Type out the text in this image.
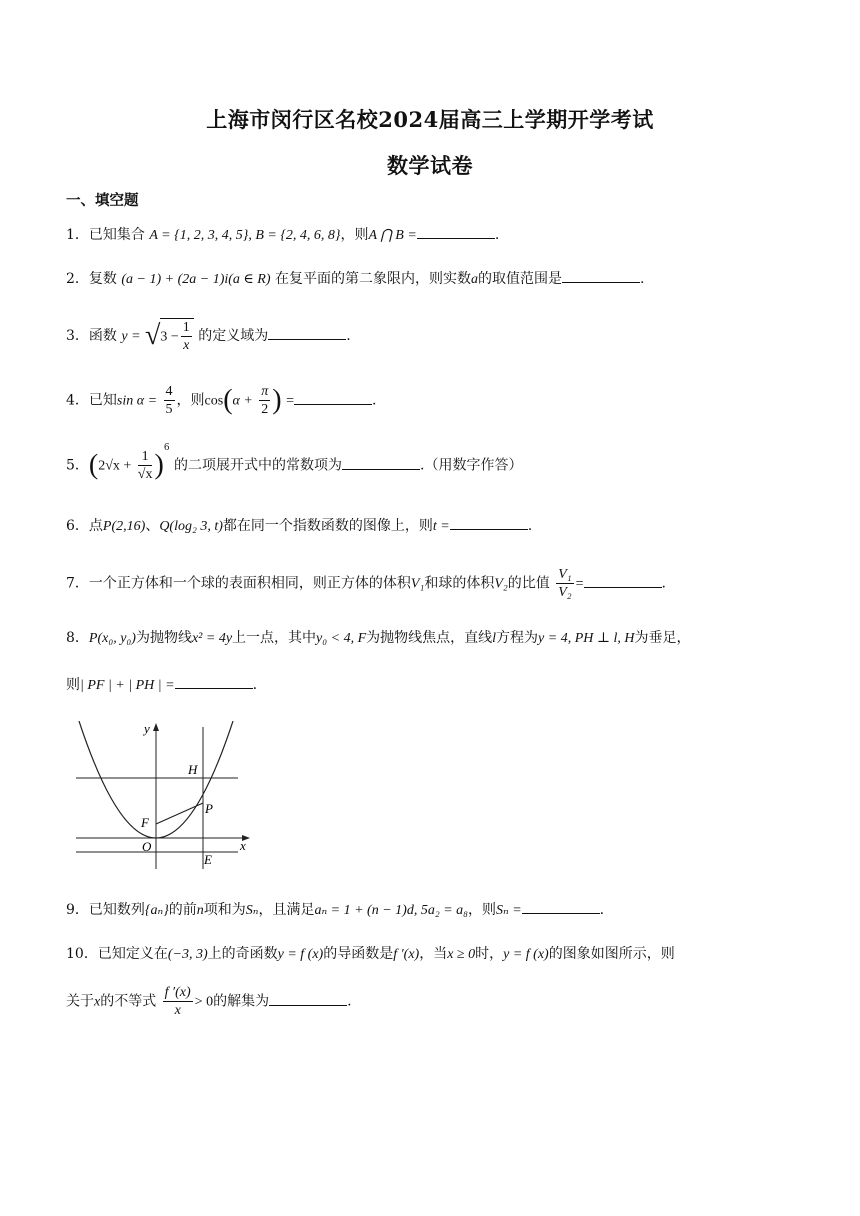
上海市闵行区名校2024届高三上学期开学考试
数学试卷
一、填空题
1．已知集合 A = {1, 2, 3, 4, 5}, B = {2, 4, 6, 8}，则A ⋂ B =	.
2．复数 (a − 1) + (2a − 1)i(a ∈ R) 在复平面的第二象限内，则实数a的取值范围是	.
3．函数 $y = √3 - \frac{1}{x}$ 的定义域为	.
4．已知$\sin \alpha = \frac{4}{5}$ ，则$\cos(\alpha + \frac{\pi}{2}$ ) =	.
5．$(2√x + \frac{1}{√x} )^6$ 的二项展开式中的常数项为	.（用数字作答）
6．点P(2,16)、Q(log₂ 3, t)都在同一个指数函数的图像上，则t =	.
7．一个正方体和一个球的表面积相同，则正方体的体积V₁和球的体积V₂的比值 $\frac{\text{V₁}}{\text{V₂}}$ =	.
8．P(x₀, y₀)为抛物线x² = 4y上一点，其中y₀ < 4, F为抛物线焦点，直线l方程为y = 4, PH ⊥ l, H为垂足，
则| PF | + | PH | =	.
y
x
O
F
H
P
E
9．已知数列{aₙ}的前n项和为Sₙ，且满足aₙ = 1 + (n − 1)d, 5a₂ = a₈，则Sₙ =	.
10．已知定义在(−3, 3)上的奇函数y = f (x)的导函数是f ′(x)，当x ≥ 0时，y = f (x)的图象如图所示，则
关于x的不等式 $\frac{f '(x)}{x} > 0$的解集为	.
